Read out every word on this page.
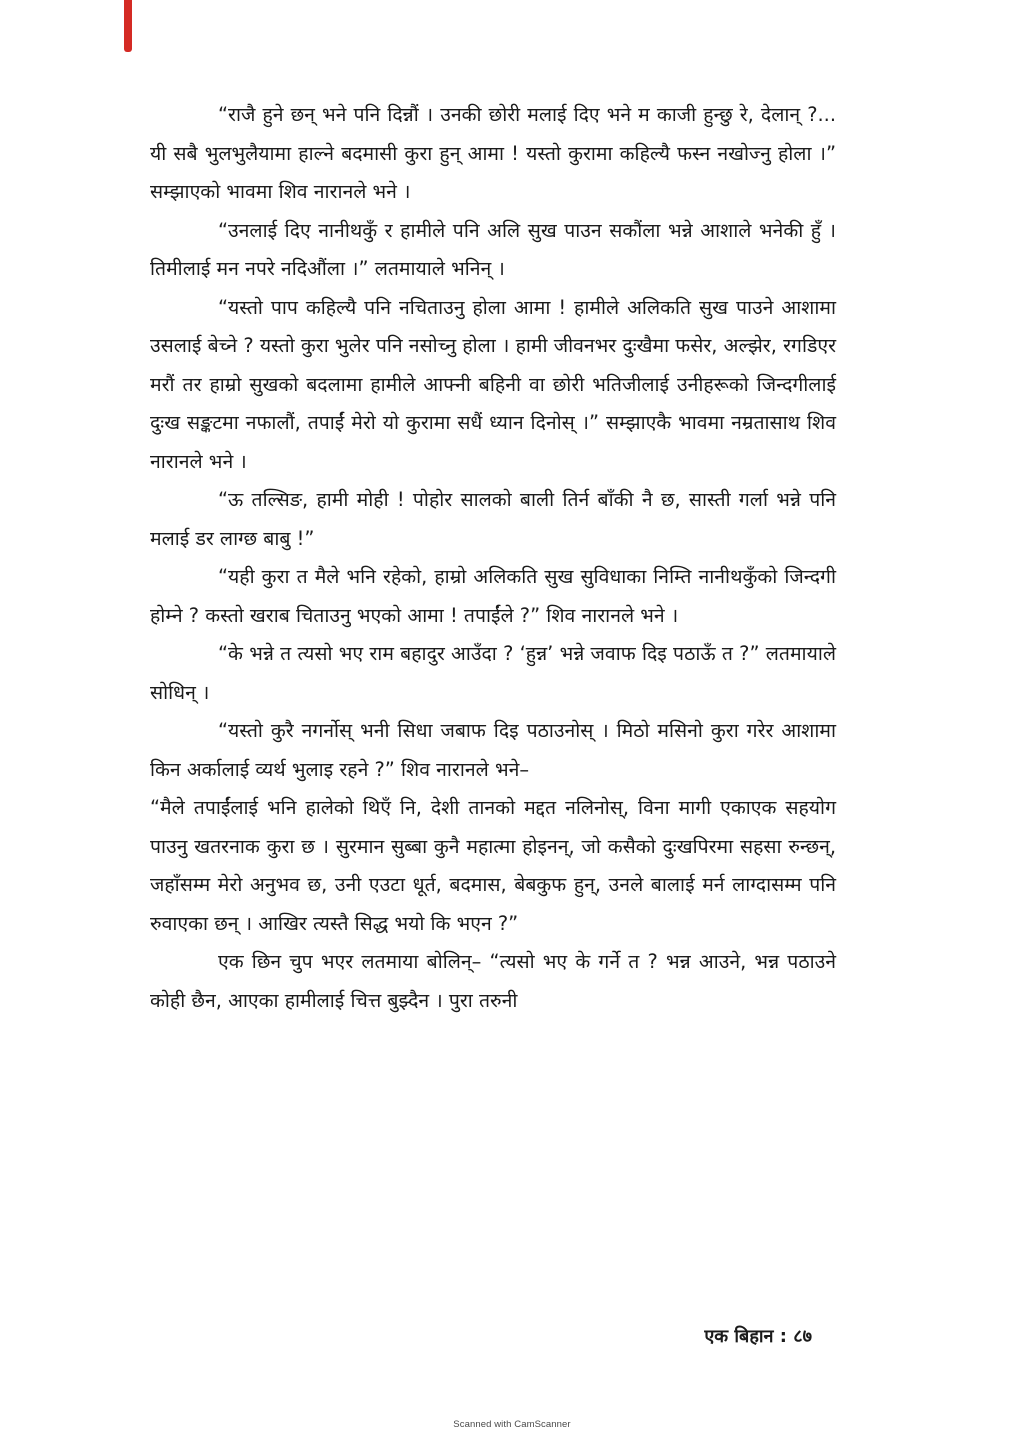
“राजै हुने छन् भने पनि दिन्नौं । उनकी छोरी मलाई दिए भने म काजी हुन्छु रे, देलान् ?... यी सबै भुलभुलैयामा हाल्ने बदमासी कुरा हुन् आमा ! यस्तो कुरामा कहिल्यै फस्न नखोज्नु होला ।” सम्झाएको भावमा शिव नारानले भने ।

“उनलाई दिए नानीथकुँ र हामीले पनि अलि सुख पाउन सकौंला भन्ने आशाले भनेकी हुँ । तिमीलाई मन नपरे नदिऔंला ।” लतमायाले भनिन् ।

“यस्तो पाप कहिल्यै पनि नचिताउनु होला आमा ! हामीले अलिकति सुख पाउने आशामा उसलाई बेच्ने ? यस्तो कुरा भुलेर पनि नसोच्नु होला । हामी जीवनभर दुःखैमा फसेर, अल्झेर, रगडिएर मरौं तर हाम्रो सुखको बदलामा हामीले आफ्नी बहिनी वा छोरी भतिजीलाई उनीहरूको जिन्दगीलाई दुःख सङ्कटमा नफालौं, तपाईं मेरो यो कुरामा सधैं ध्यान दिनोस् ।” सम्झाएकै भावमा नम्रतासाथ शिव नारानले भने ।

“ऊ तल्सिङ, हामी मोही ! पोहोर सालको बाली तिर्न बाँकी नै छ, सास्ती गर्ला भन्ने पनि मलाई डर लाग्छ बाबु !”

“यही कुरा त मैले भनि रहेको, हाम्रो अलिकति सुख सुविधाका निम्ति नानीथकुँको जिन्दगी होम्ने ? कस्तो खराब चिताउनु भएको आमा ! तपाईंले ?” शिव नारानले भने ।

“के भन्ने त त्यसो भए राम बहादुर आउँदा ? ‘हुन्न’ भन्ने जवाफ दिइ पठाऊँ त ?” लतमायाले सोधिन् ।

“यस्तो कुरै नगर्नोस् भनी सिधा जबाफ दिइ पठाउनोस् । मिठो मसिनो कुरा गरेर आशामा किन अर्कालाई व्यर्थ भुलाइ रहने ?” शिव नारानले भने–

“मैले तपाईंलाई भनि हालेको थिएँ नि, देशी तानको मद्दत नलिनोस्, विना मागी एकाएक सहयोग पाउनु खतरनाक कुरा छ । सुरमान सुब्बा कुनै महात्मा होइनन्, जो कसैको दुःखपिरमा सहसा रुन्छन्, जहाँसम्म मेरो अनुभव छ, उनी एउटा धूर्त, बदमास, बेबकुफ हुन्, उनले बालाई मर्न लाग्दासम्म पनि रुवाएका छन् । आखिर त्यस्तै सिद्ध भयो कि भएन ?”

एक छिन चुप भएर लतमाया बोलिन्– “त्यसो भए के गर्ने त ? भन्न आउने, भन्न पठाउने कोही छैन, आएका हामीलाई चित्त बुझ्दैन । पुरा तरुनी

एक बिहान : ८७
Scanned with CamScanner
